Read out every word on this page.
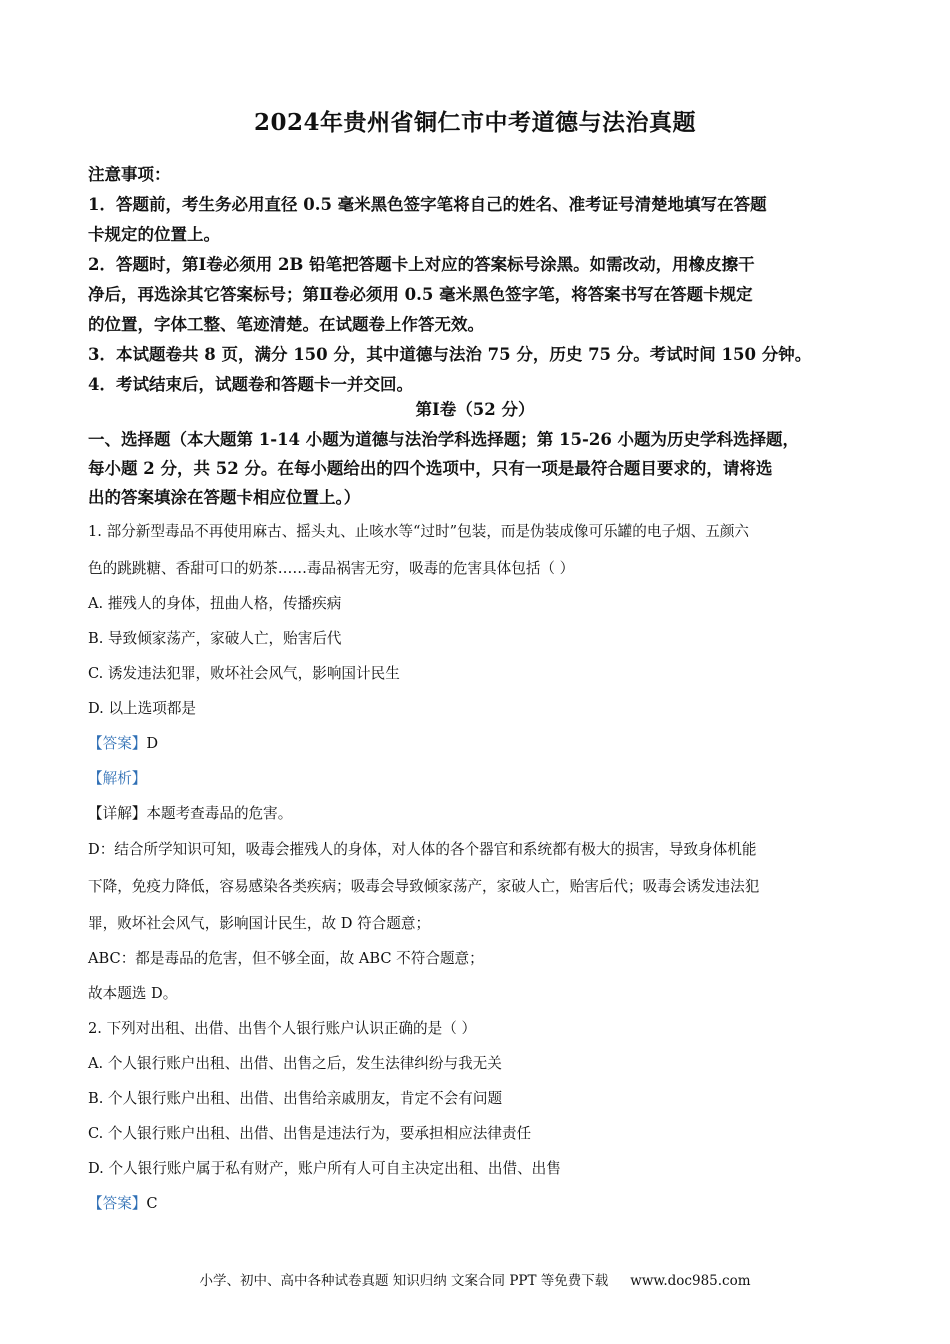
2024年贵州省铜仁市中考道德与法治真题
注意事项：
1．答题前，考生务必用直径 0.5 毫米黑色签字笔将自己的姓名、准考证号清楚地填写在答题
卡规定的位置上。
2．答题时，第Ⅰ卷必须用 2B 铅笔把答题卡上对应的答案标号涂黑。如需改动，用橡皮擦干
净后，再选涂其它答案标号；第Ⅱ卷必须用 0.5 毫米黑色签字笔，将答案书写在答题卡规定
的位置，字体工整、笔迹清楚。在试题卷上作答无效。
3．本试题卷共 8 页，满分 150 分，其中道德与法治 75 分，历史 75 分。考试时间 150 分钟。
4．考试结束后，试题卷和答题卡一并交回。
第Ⅰ卷（52 分）
一、选择题（本大题第 1-14 小题为道德与法治学科选择题；第 15-26 小题为历史学科选择题，
每小题 2 分，共 52 分。在每小题给出的四个选项中，只有一项是最符合题目要求的，请将选
出的答案填涂在答题卡相应位置上。）
1. 部分新型毒品不再使用麻古、摇头丸、止咳水等“过时”包装，而是伪装成像可乐罐的电子烟、五颜六
色的跳跳糖、香甜可口的奶茶……毒品祸害无穷，吸毒的危害具体包括（ ）
A. 摧残人的身体，扭曲人格，传播疾病
B. 导致倾家荡产，家破人亡，贻害后代
C. 诱发违法犯罪，败坏社会风气，影响国计民生
D. 以上选项都是
【答案】D
【解析】
【详解】本题考查毒品的危害。
D：结合所学知识可知，吸毒会摧残人的身体，对人体的各个器官和系统都有极大的损害，导致身体机能
下降，免疫力降低，容易感染各类疾病；吸毒会导致倾家荡产，家破人亡，贻害后代；吸毒会诱发违法犯
罪，败坏社会风气，影响国计民生，故 D 符合题意；
ABC：都是毒品的危害，但不够全面，故 ABC 不符合题意；
故本题选 D。
2. 下列对出租、出借、出售个人银行账户认识正确的是（ ）
A. 个人银行账户出租、出借、出售之后，发生法律纠纷与我无关
B. 个人银行账户出租、出借、出售给亲戚朋友，肯定不会有问题
C. 个人银行账户出租、出借、出售是违法行为，要承担相应法律责任
D. 个人银行账户属于私有财产，账户所有人可自主决定出租、出借、出售
【答案】C
小学、初中、高中各种试卷真题 知识归纳 文案合同 PPT 等免费下载 www.doc985.com
